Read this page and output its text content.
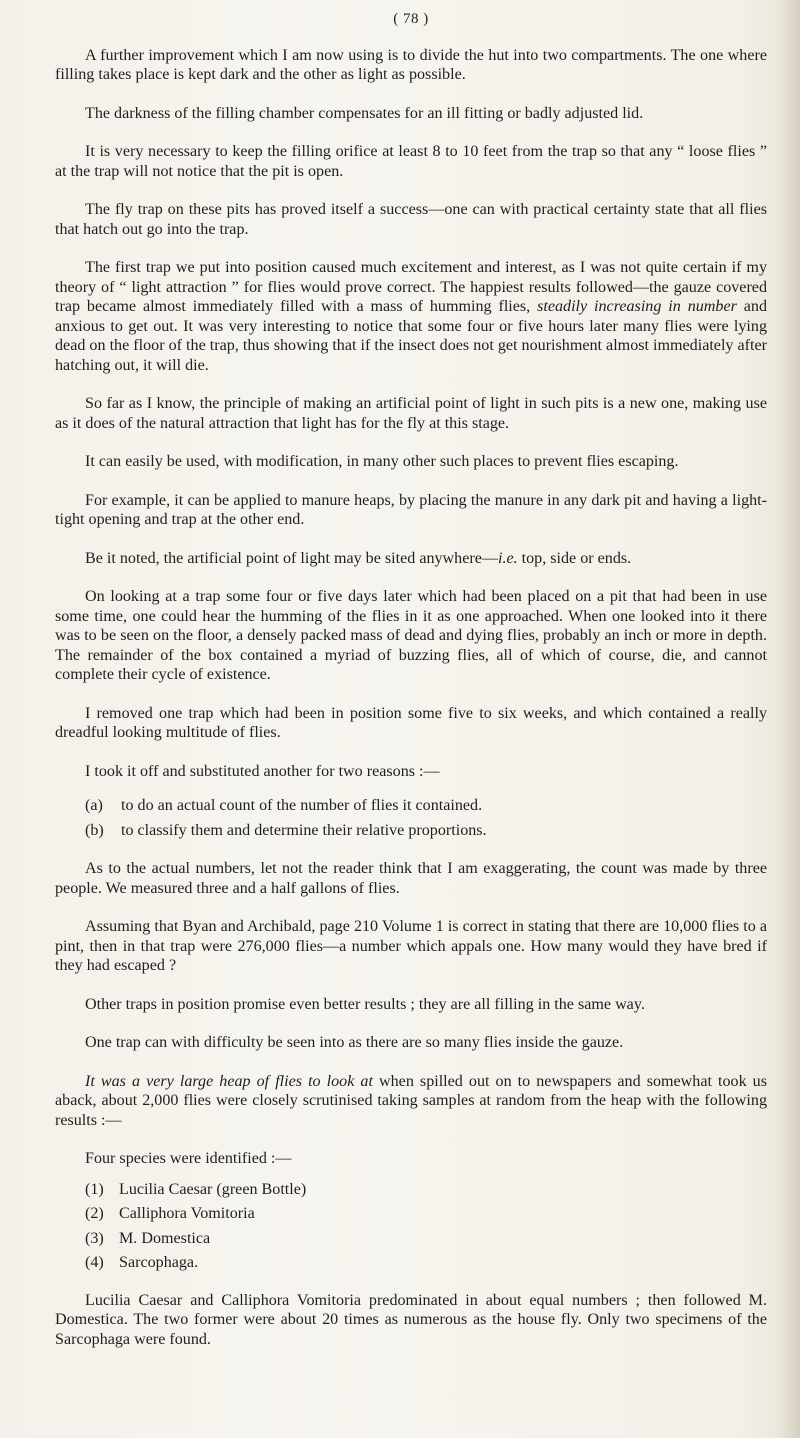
( 78 )

A further improvement which I am now using is to divide the hut into two compartments. The one where filling takes place is kept dark and the other as light as possible.

The darkness of the filling chamber compensates for an ill fitting or badly adjusted lid.

It is very necessary to keep the filling orifice at least 8 to 10 feet from the trap so that any “ loose flies ” at the trap will not notice that the pit is open.

The fly trap on these pits has proved itself a success—one can with practical certainty state that all flies that hatch out go into the trap.

The first trap we put into position caused much excitement and interest, as I was not quite certain if my theory of “ light attraction ” for flies would prove correct. The happiest results followed—the gauze covered trap became almost immediately filled with a mass of humming flies, steadily increasing in number and anxious to get out. It was very interesting to notice that some four or five hours later many flies were lying dead on the floor of the trap, thus showing that if the insect does not get nourishment almost immediately after hatching out, it will die.

So far as I know, the principle of making an artificial point of light in such pits is a new one, making use as it does of the natural attraction that light has for the fly at this stage.

It can easily be used, with modification, in many other such places to prevent flies escaping.

For example, it can be applied to manure heaps, by placing the manure in any dark pit and having a light-tight opening and trap at the other end.

Be it noted, the artificial point of light may be sited anywhere—i.e. top, side or ends.

On looking at a trap some four or five days later which had been placed on a pit that had been in use some time, one could hear the humming of the flies in it as one approached. When one looked into it there was to be seen on the floor, a densely packed mass of dead and dying flies, probably an inch or more in depth. The remainder of the box contained a myriad of buzzing flies, all of which of course, die, and cannot complete their cycle of existence.

I removed one trap which had been in position some five to six weeks, and which contained a really dreadful looking multitude of flies.

I took it off and substituted another for two reasons :—

(a)	to do an actual count of the number of flies it contained.
(b)	to classify them and determine their relative proportions.

As to the actual numbers, let not the reader think that I am exaggerating, the count was made by three people. We measured three and a half gallons of flies.

Assuming that Byan and Archibald, page 210 Volume 1 is correct in stating that there are 10,000 flies to a pint, then in that trap were 276,000 flies—a number which appals one. How many would they have bred if they had escaped ?

Other traps in position promise even better results ; they are all filling in the same way.

One trap can with difficulty be seen into as there are so many flies inside the gauze.

It was a very large heap of flies to look at when spilled out on to newspapers and somewhat took us aback, about 2,000 flies were closely scrutinised taking samples at random from the heap with the following results :—

Four species were identified :—

(1) Lucilia Caesar (green Bottle)
(2) Calliphora Vomitoria
(3) M. Domestica
(4) Sarcophaga.

Lucilia Caesar and Calliphora Vomitoria predominated in about equal numbers ; then followed M. Domestica. The two former were about 20 times as numerous as the house fly. Only two specimens of the Sarcophaga were found.
